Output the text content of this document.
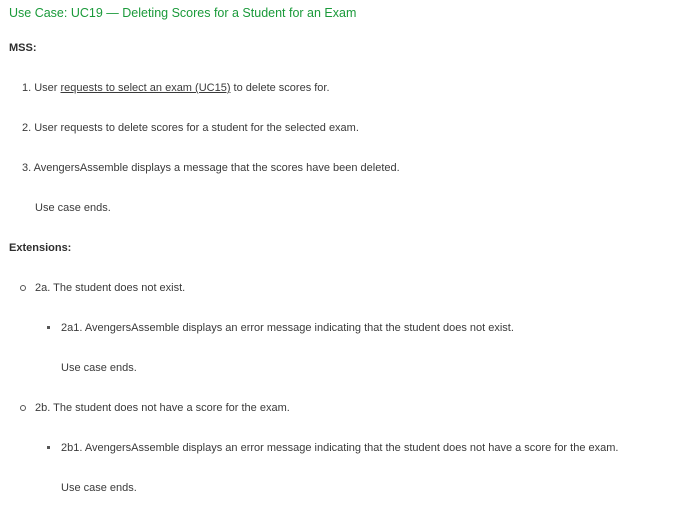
Use Case: UC19 — Deleting Scores for a Student for an Exam
MSS:
1. User requests to select an exam (UC15) to delete scores for.
2. User requests to delete scores for a student for the selected exam.
3. AvengersAssemble displays a message that the scores have been deleted.
Use case ends.
Extensions:
2a. The student does not exist.
2a1. AvengersAssemble displays an error message indicating that the student does not exist.
Use case ends.
2b. The student does not have a score for the exam.
2b1. AvengersAssemble displays an error message indicating that the student does not have a score for the exam.
Use case ends.
